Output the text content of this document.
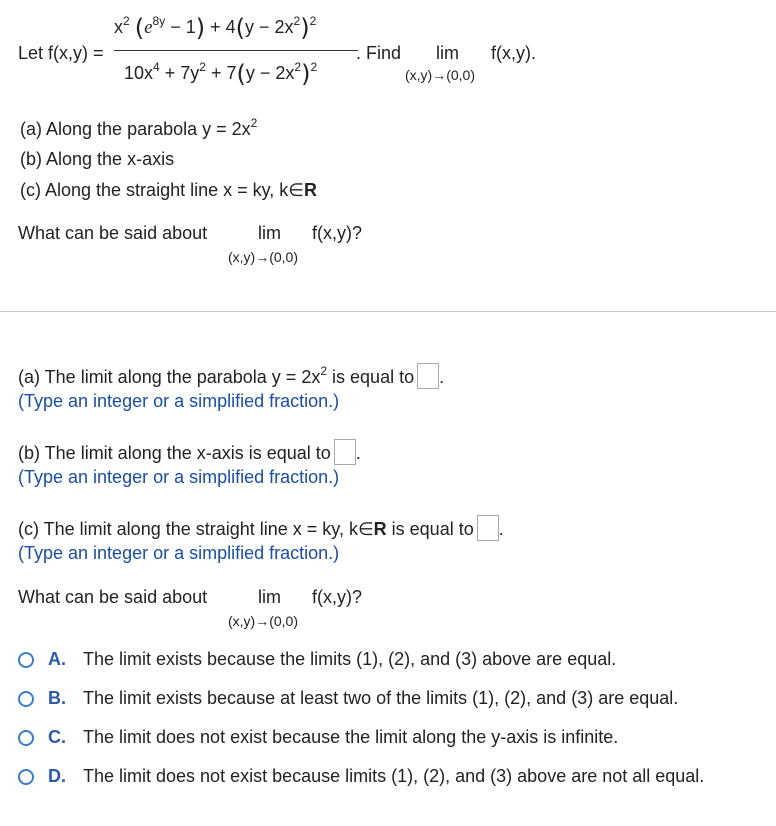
Let f(x,y) =
$x^2$ $(e^{8y} - 1) + 4(y - 2x^2)^2$
$10x^4 + 7y^2 + 7(y - 2x^2)^2$
. Find lim
(x,y)→(0,0)
f(x,y).
(a) Along the parabola $y = 2x^2$
(b) Along the x-axis
(c) Along the straight line x = ky, k∈R
What can be said about	lim
(x,y)→(0,0)
f(x,y)?
(a) The limit along the parabola $y = 2x^2$ is equal to .
(Type an integer or a simplified fraction.)
(b) The limit along the x-axis is equal to .
(Type an integer or a simplified fraction.)
(c) The limit along the straight line x = ky, k∈R is equal to .
(Type an integer or a simplified fraction.)
What can be said about	lim
(x,y)→(0,0)
f(x,y)?
A. The limit exists because the limits (1), (2), and (3) above are equal.
B. The limit exists because at least two of the limits (1), (2), and (3) are equal.
C. The limit does not exist because the limit along the y-axis is infinite.
D. The limit does not exist because limits (1), (2), and (3) above are not all equal.
